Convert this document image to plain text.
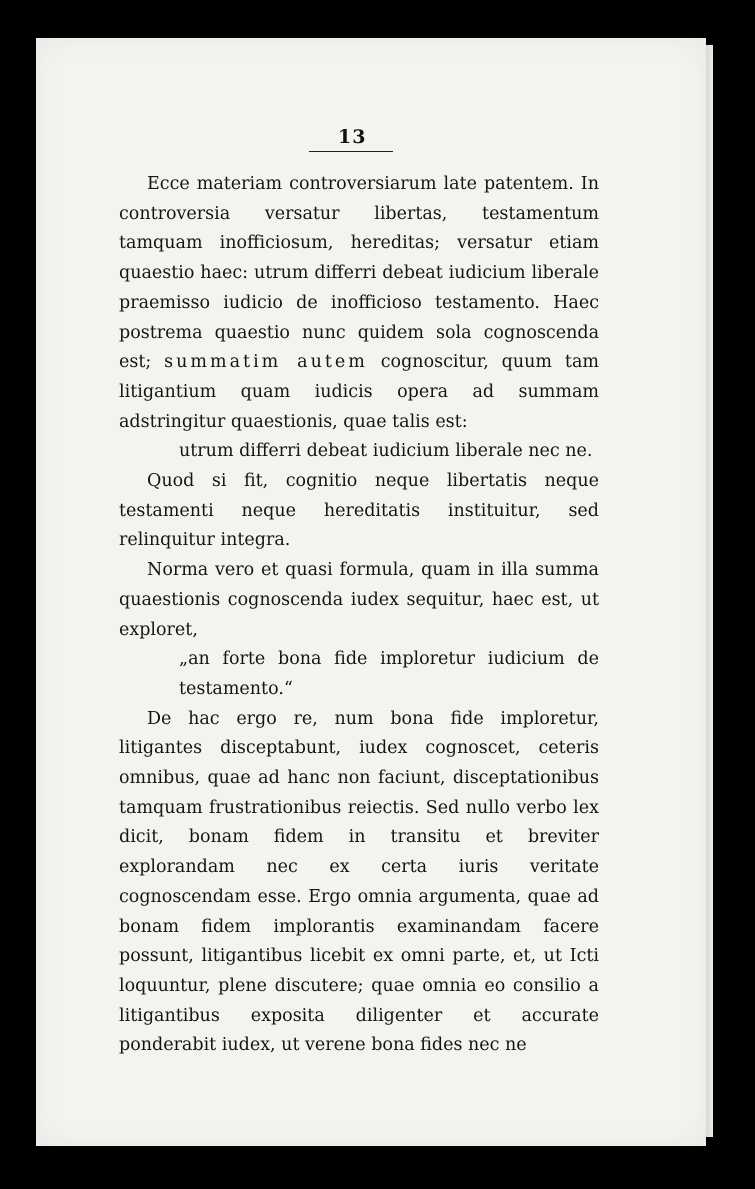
13

Ecce materiam controversiarum late patentem. In controversia versatur libertas, testamentum tamquam inofficiosum, hereditas; versatur etiam quaestio haec: utrum differri debeat iudicium liberale praemisso iudicio de inofficioso testamento. Haec postrema quaestio nunc quidem sola cognoscenda est; summatim autem cognoscitur, quum tam litigantium quam iudicis opera ad summam adstringitur quaestionis, quae talis est:

utrum differri debeat iudicium liberale nec ne.

Quod si fit, cognitio neque libertatis neque testamenti neque hereditatis instituitur, sed relinquitur integra.

Norma vero et quasi formula, quam in illa summa quaestionis cognoscenda iudex sequitur, haec est, ut exploret,

„an forte bona fide imploretur iudicium de testamento.“

De hac ergo re, num bona fide imploretur, litigantes disceptabunt, iudex cognoscet, ceteris omnibus, quae ad hanc non faciunt, disceptationibus tamquam frustrationibus reiectis. Sed nullo verbo lex dicit, bonam fidem in transitu et breviter explorandam nec ex certa iuris veritate cognoscendam esse. Ergo omnia argumenta, quae ad bonam fidem implorantis examinandam facere possunt, litigantibus licebit ex omni parte, et, ut Icti loquuntur, plene discutere; quae omnia eo consilio a litigantibus exposita diligenter et accurate ponderabit iudex, ut verene bona fides nec ne
